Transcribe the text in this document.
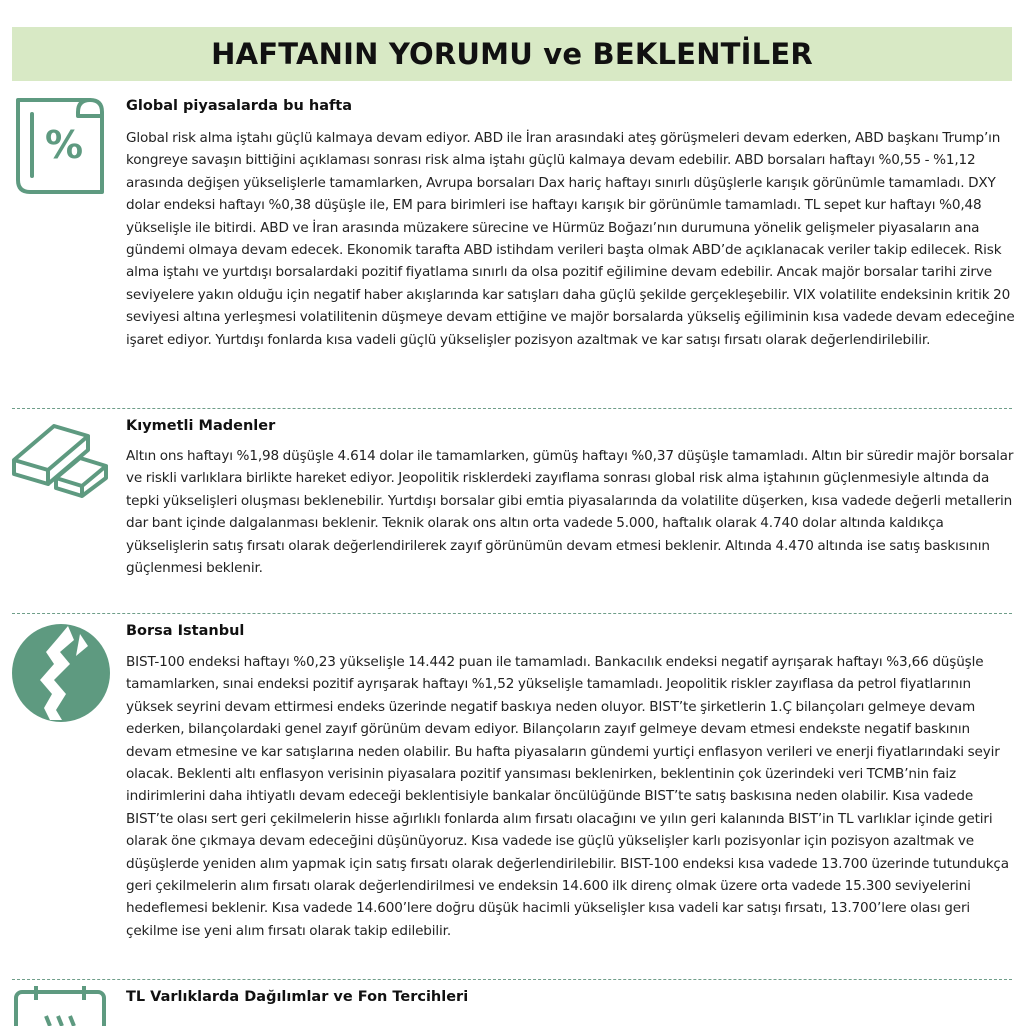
HAFTANIN YORUMU ve BEKLENTİLER
%
Global piyasalarda bu hafta

Global risk alma iştahı güçlü kalmaya devam ediyor. ABD ile İran arasındaki ateş görüşmeleri devam ederken, ABD başkanı Trump’ın kongreye savaşın bittiğini açıklaması sonrası risk alma iştahı güçlü kalmaya devam edebilir. ABD borsaları haftayı %0,55 - %1,12 arasında değişen yükselişlerle tamamlarken, Avrupa borsaları Dax hariç haftayı sınırlı düşüşlerle karışık görünümle tamamladı. DXY dolar endeksi haftayı %0,38 düşüşle ile, EM para birimleri ise haftayı karışık bir görünümle tamamladı. TL sepet kur haftayı %0,48 yükselişle ile bitirdi. ABD ve İran arasında müzakere sürecine ve Hürmüz Boğazı’nın durumuna yönelik gelişmeler piyasaların ana gündemi olmaya devam edecek. Ekonomik tarafta ABD istihdam verileri başta olmak ABD’de açıklanacak veriler takip edilecek. Risk alma iştahı ve yurtdışı borsalardaki pozitif fiyatlama sınırlı da olsa pozitif eğilimine devam edebilir. Ancak majör borsalar tarihi zirve seviyelere yakın olduğu için negatif haber akışlarında kar satışları daha güçlü şekilde gerçekleşebilir. VIX volatilite endeksinin kritik 20 seviyesi altına yerleşmesi volatilitenin düşmeye devam ettiğine ve majör borsalarda yükseliş eğiliminin kısa vadede devam edeceğine işaret ediyor. Yurtdışı fonlarda kısa vadeli güçlü yükselişler pozisyon azaltmak ve kar satışı fırsatı olarak değerlendirilebilir.

Kıymetli Madenler

Altın ons haftayı %1,98 düşüşle 4.614 dolar ile tamamlarken, gümüş haftayı %0,37 düşüşle tamamladı. Altın bir süredir majör borsalar ve riskli varlıklara birlikte hareket ediyor. Jeopolitik risklerdeki zayıflama sonrası global risk alma iştahının güçlenmesiyle altında da tepki yükselişleri oluşması beklenebilir. Yurtdışı borsalar gibi emtia piyasalarında da volatilite düşerken, kısa vadede değerli metallerin dar bant içinde dalgalanması beklenir. Teknik olarak ons altın orta vadede 5.000, haftalık olarak 4.740 dolar altında kaldıkça yükselişlerin satış fırsatı olarak değerlendirilerek zayıf görünümün devam etmesi beklenir. Altında 4.470 altında ise satış baskısının güçlenmesi beklenir.

Borsa Istanbul

BIST-100 endeksi haftayı %0,23 yükselişle 14.442 puan ile tamamladı. Bankacılık endeksi negatif ayrışarak haftayı %3,66 düşüşle tamamlarken, sınai endeksi pozitif ayrışarak haftayı %1,52 yükselişle tamamladı. Jeopolitik riskler zayıflasa da petrol fiyatlarının yüksek seyrini devam ettirmesi endeks üzerinde negatif baskıya neden oluyor. BIST’te şirketlerin 1.Ç bilançoları gelmeye devam ederken, bilançolardaki genel zayıf görünüm devam ediyor. Bilançoların zayıf gelmeye devam etmesi endekste negatif baskının devam etmesine ve kar satışlarına neden olabilir. Bu hafta piyasaların gündemi yurtiçi enflasyon verileri ve enerji fiyatlarındaki seyir olacak. Beklenti altı enflasyon verisinin piyasalara pozitif yansıması beklenirken, beklentinin çok üzerindeki veri TCMB’nin faiz indirimlerini daha ihtiyatlı devam edeceği beklentisiyle bankalar öncülüğünde BIST’te satış baskısına neden olabilir. Kısa vadede BIST’te olası sert geri çekilmelerin hisse ağırlıklı fonlarda alım fırsatı olacağını ve yılın geri kalanında BIST’in TL varlıklar içinde getiri olarak öne çıkmaya devam edeceğini düşünüyoruz. Kısa vadede ise güçlü yükselişler karlı pozisyonlar için pozisyon azaltmak ve düşüşlerde yeniden alım yapmak için satış fırsatı olarak değerlendirilebilir. BIST-100 endeksi kısa vadede 13.700 üzerinde tutundukça geri çekilmelerin alım fırsatı olarak değerlendirilmesi ve endeksin 14.600 ilk direnç olmak üzere orta vadede 15.300 seviyelerini hedeflemesi beklenir. Kısa vadede 14.600’lere doğru düşük hacimli yükselişler kısa vadeli kar satışı fırsatı, 13.700’lere olası geri çekilme ise yeni alım fırsatı olarak takip edilebilir.

TL Varlıklarda Dağılımlar ve Fon Tercihleri
